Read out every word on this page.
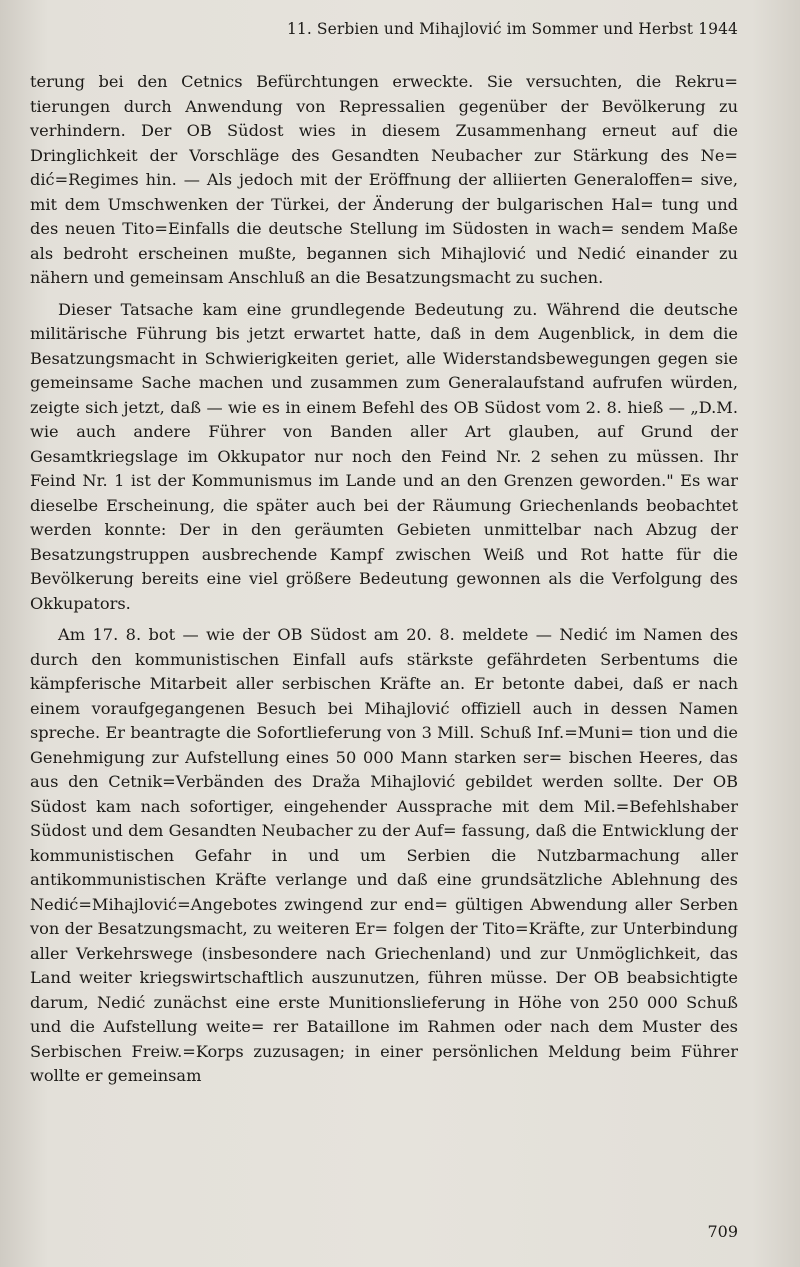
11. Serbien und Mihajlović im Sommer und Herbst 1944

terung bei den Cetnics Befürchtungen erweckte. Sie versuchten, die Rekru= tierungen durch Anwendung von Repressalien gegenüber der Bevölkerung zu verhindern. Der OB Südost wies in diesem Zusammenhang erneut auf die Dringlichkeit der Vorschläge des Gesandten Neubacher zur Stärkung des Ne= dić=Regimes hin. — Als jedoch mit der Eröffnung der alliierten Generaloffen= sive, mit dem Umschwenken der Türkei, der Änderung der bulgarischen Hal= tung und des neuen Tito=Einfalls die deutsche Stellung im Südosten in wach= sendem Maße als bedroht erscheinen mußte, begannen sich Mihajlović und Nedić einander zu nähern und gemeinsam Anschluß an die Besatzungsmacht zu suchen.

Dieser Tatsache kam eine grundlegende Bedeutung zu. Während die deutsche militärische Führung bis jetzt erwartet hatte, daß in dem Augenblick, in dem die Besatzungsmacht in Schwierigkeiten geriet, alle Widerstandsbewegungen gegen sie gemeinsame Sache machen und zusammen zum Generalaufstand aufrufen würden, zeigte sich jetzt, daß — wie es in einem Befehl des OB Südost vom 2. 8. hieß — „D.M. wie auch andere Führer von Banden aller Art glauben, auf Grund der Gesamtkriegslage im Okkupator nur noch den Feind Nr. 2 sehen zu müssen. Ihr Feind Nr. 1 ist der Kommunismus im Lande und an den Grenzen geworden." Es war dieselbe Erscheinung, die später auch bei der Räumung Griechenlands beobachtet werden konnte: Der in den geräumten Gebieten unmittelbar nach Abzug der Besatzungstruppen ausbrechende Kampf zwischen Weiß und Rot hatte für die Bevölkerung bereits eine viel größere Bedeutung gewonnen als die Verfolgung des Okkupators.

Am 17. 8. bot — wie der OB Südost am 20. 8. meldete — Nedić im Namen des durch den kommunistischen Einfall aufs stärkste gefährdeten Serbentums die kämpferische Mitarbeit aller serbischen Kräfte an. Er betonte dabei, daß er nach einem voraufgegangenen Besuch bei Mihajlović offiziell auch in dessen Namen spreche. Er beantragte die Sofortlieferung von 3 Mill. Schuß Inf.=Muni= tion und die Genehmigung zur Aufstellung eines 50 000 Mann starken ser= bischen Heeres, das aus den Cetnik=Verbänden des Draža Mihajlović gebildet werden sollte. Der OB Südost kam nach sofortiger, eingehender Aussprache mit dem Mil.=Befehlshaber Südost und dem Gesandten Neubacher zu der Auf= fassung, daß die Entwicklung der kommunistischen Gefahr in und um Serbien die Nutzbarmachung aller antikommunistischen Kräfte verlange und daß eine grundsätzliche Ablehnung des Nedić=Mihajlović=Angebotes zwingend zur end= gültigen Abwendung aller Serben von der Besatzungsmacht, zu weiteren Er= folgen der Tito=Kräfte, zur Unterbindung aller Verkehrswege (insbesondere nach Griechenland) und zur Unmöglichkeit, das Land weiter kriegswirtschaftlich auszunutzen, führen müsse. Der OB beabsichtigte darum, Nedić zunächst eine erste Munitionslieferung in Höhe von 250 000 Schuß und die Aufstellung weite= rer Bataillone im Rahmen oder nach dem Muster des Serbischen Freiw.=Korps zuzusagen; in einer persönlichen Meldung beim Führer wollte er gemeinsam

709
